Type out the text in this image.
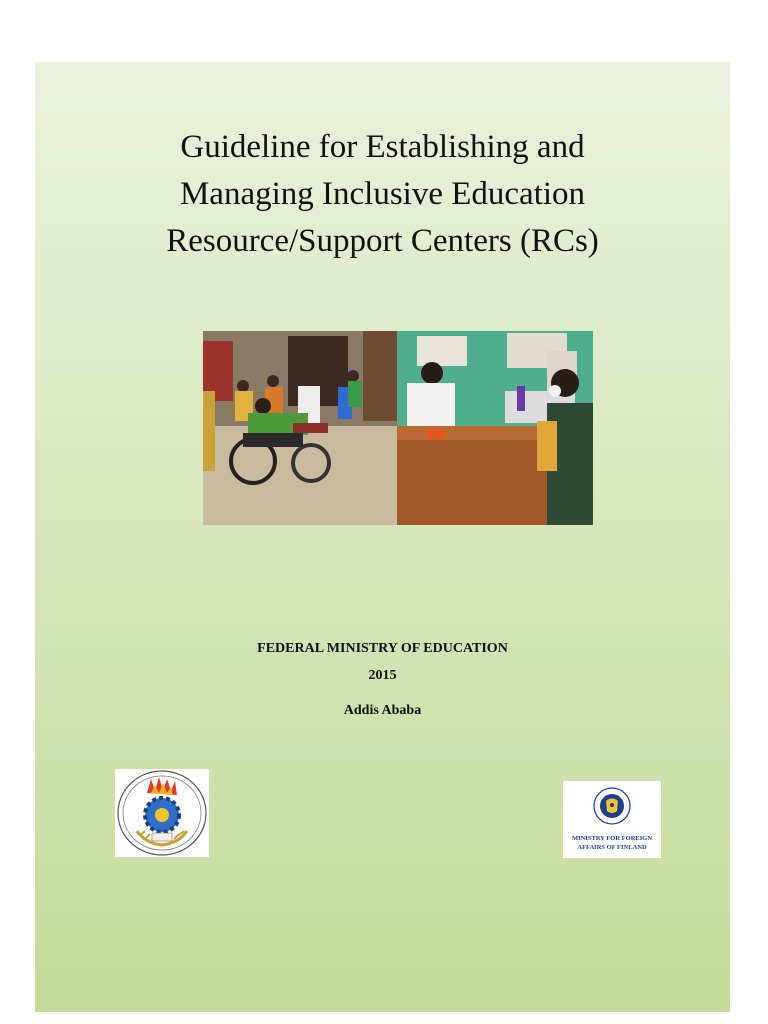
Guideline for Establishing and
Managing Inclusive Education
Resource/Support Centers (RCs)
FEDERAL MINISTRY OF EDUCATION
2015
Addis Ababa
MINISTRY FOR FOREIGN
AFFAIRS OF FINLAND
